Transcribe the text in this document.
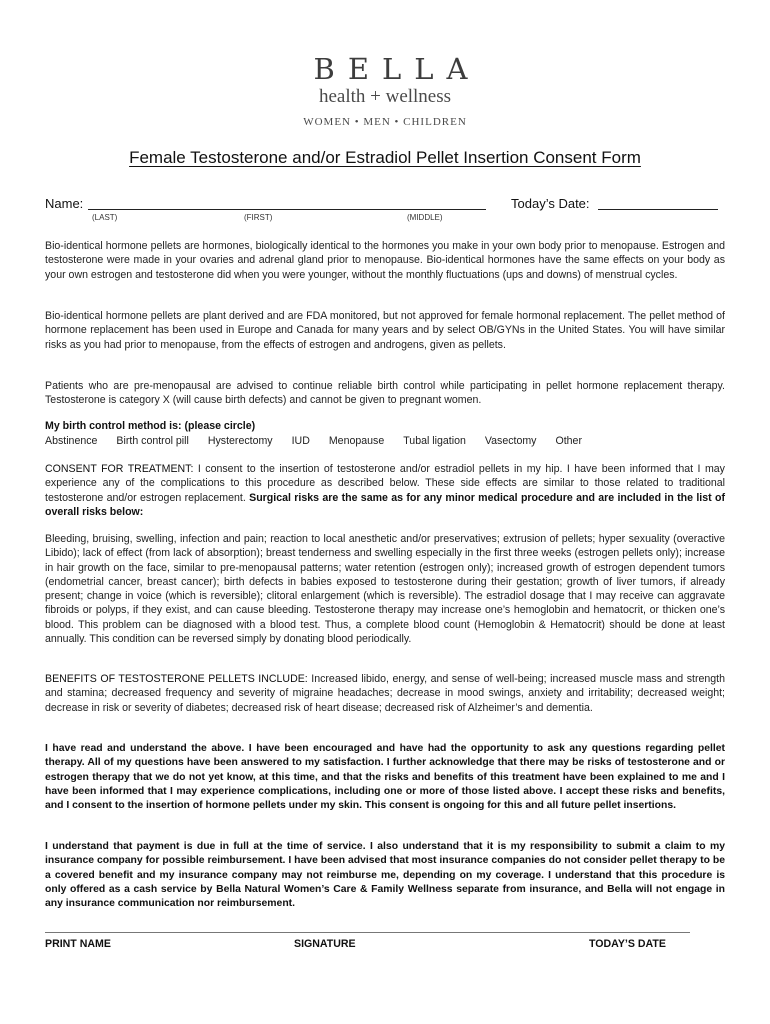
BELLA
health + wellness
WOMEN • MEN • CHILDREN
Female Testosterone and/or Estradiol Pellet Insertion Consent Form
Name:
(LAST)	(FIRST)	(MIDDLE)
Today’s Date:

Bio-identical hormone pellets are hormones, biologically identical to the hormones you make in your own body prior to menopause. Estrogen and testosterone were made in your ovaries and adrenal gland prior to menopause. Bio-identical hormones have the same effects on your body as your own estrogen and testosterone did when you were younger, without the monthly fluctuations (ups and downs) of menstrual cycles.

Bio-identical hormone pellets are plant derived and are FDA monitored, but not approved for female hormonal replacement. The pellet method of hormone replacement has been used in Europe and Canada for many years and by select OB/GYNs in the United States. You will have similar risks as you had prior to menopause, from the effects of estrogen and androgens, given as pellets.

Patients who are pre-menopausal are advised to continue reliable birth control while participating in pellet hormone replacement therapy. Testosterone is category X (will cause birth defects) and cannot be given to pregnant women.

My birth control method is: (please circle)
Abstinence Birth control pill Hysterectomy IUD Menopause Tubal ligation Vasectomy Other

CONSENT FOR TREATMENT: I consent to the insertion of testosterone and/or estradiol pellets in my hip. I have been informed that I may experience any of the complications to this procedure as described below. These side effects are similar to those related to traditional testosterone and/or estrogen replacement. Surgical risks are the same as for any minor medical procedure and are included in the list of overall risks below:

Bleeding, bruising, swelling, infection and pain; reaction to local anesthetic and/or preservatives; extrusion of pellets; hyper sexuality (overactive Libido); lack of effect (from lack of absorption); breast tenderness and swelling especially in the first three weeks (estrogen pellets only); increase in hair growth on the face, similar to pre-menopausal patterns; water retention (estrogen only); increased growth of estrogen dependent tumors (endometrial cancer, breast cancer); birth defects in babies exposed to testosterone during their gestation; growth of liver tumors, if already present; change in voice (which is reversible); clitoral enlargement (which is reversible). The estradiol dosage that I may receive can aggravate fibroids or polyps, if they exist, and can cause bleeding. Testosterone therapy may increase one’s hemoglobin and hematocrit, or thicken one’s blood. This problem can be diagnosed with a blood test. Thus, a complete blood count (Hemoglobin & Hematocrit) should be done at least annually. This condition can be reversed simply by donating blood periodically.

BENEFITS OF TESTOSTERONE PELLETS INCLUDE: Increased libido, energy, and sense of well-being; increased muscle mass and strength and stamina; decreased frequency and severity of migraine headaches; decrease in mood swings, anxiety and irritability; decreased weight; decrease in risk or severity of diabetes; decreased risk of heart disease; decreased risk of Alzheimer’s and dementia.

I have read and understand the above. I have been encouraged and have had the opportunity to ask any questions regarding pellet therapy. All of my questions have been answered to my satisfaction. I further acknowledge that there may be risks of testosterone and or estrogen therapy that we do not yet know, at this time, and that the risks and benefits of this treatment have been explained to me and I have been informed that I may experience complications, including one or more of those listed above. I accept these risks and benefits, and I consent to the insertion of hormone pellets under my skin. This consent is ongoing for this and all future pellet insertions.

I understand that payment is due in full at the time of service. I also understand that it is my responsibility to submit a claim to my insurance company for possible reimbursement. I have been advised that most insurance companies do not consider pellet therapy to be a covered benefit and my insurance company may not reimburse me, depending on my coverage. I understand that this procedure is only offered as a cash service by Bella Natural Women’s Care & Family Wellness separate from insurance, and Bella will not engage in any insurance communication nor reimbursement.

PRINT NAME	SIGNATURE	TODAY’S DATE
